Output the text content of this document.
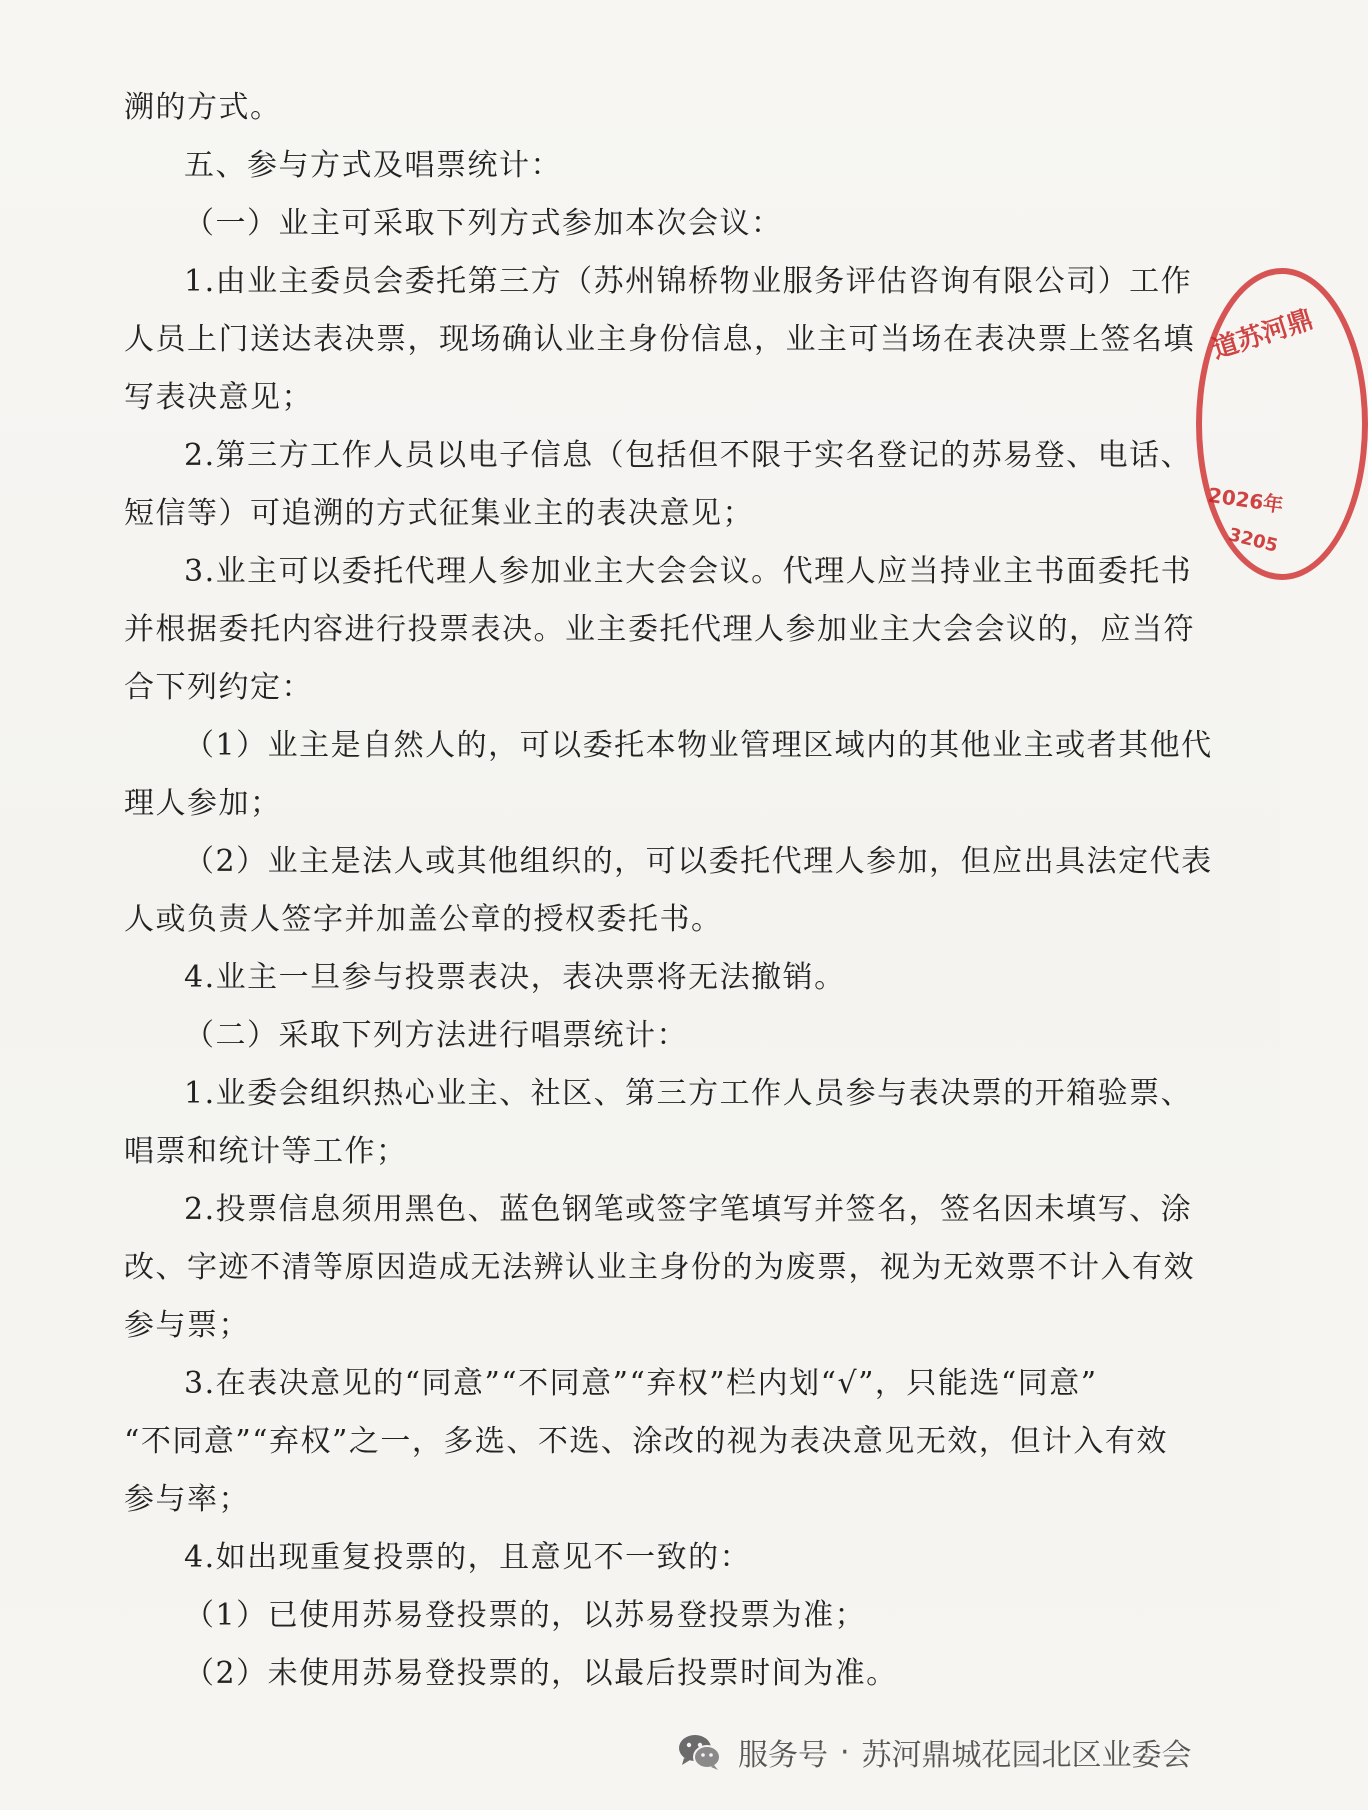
溯的方式。
五、参与方式及唱票统计：
（一）业主可采取下列方式参加本次会议：
1.由业主委员会委托第三方（苏州锦桥物业服务评估咨询有限公司）工作
人员上门送达表决票，现场确认业主身份信息，业主可当场在表决票上签名填
写表决意见；
2.第三方工作人员以电子信息（包括但不限于实名登记的苏易登、电话、
短信等）可追溯的方式征集业主的表决意见；
3.业主可以委托代理人参加业主大会会议。代理人应当持业主书面委托书
并根据委托内容进行投票表决。业主委托代理人参加业主大会会议的，应当符
合下列约定：
（1）业主是自然人的，可以委托本物业管理区域内的其他业主或者其他代
理人参加；
（2）业主是法人或其他组织的，可以委托代理人参加，但应出具法定代表
人或负责人签字并加盖公章的授权委托书。
4.业主一旦参与投票表决，表决票将无法撤销。
（二）采取下列方法进行唱票统计：
1.业委会组织热心业主、社区、第三方工作人员参与表决票的开箱验票、
唱票和统计等工作；
2.投票信息须用黑色、蓝色钢笔或签字笔填写并签名，签名因未填写、涂
改、字迹不清等原因造成无法辨认业主身份的为废票，视为无效票不计入有效
参与票；
3.在表决意见的“同意”“不同意”“弃权”栏内划“√”，只能选“同意”
“不同意”“弃权”之一，多选、不选、涂改的视为表决意见无效，但计入有效
参与率；
4.如出现重复投票的，且意见不一致的：
（1）已使用苏易登投票的，以苏易登投票为准；
（2）未使用苏易登投票的，以最后投票时间为准。
道苏河鼎
2026年
3205
服务号 · 苏河鼎城花园北区业委会
